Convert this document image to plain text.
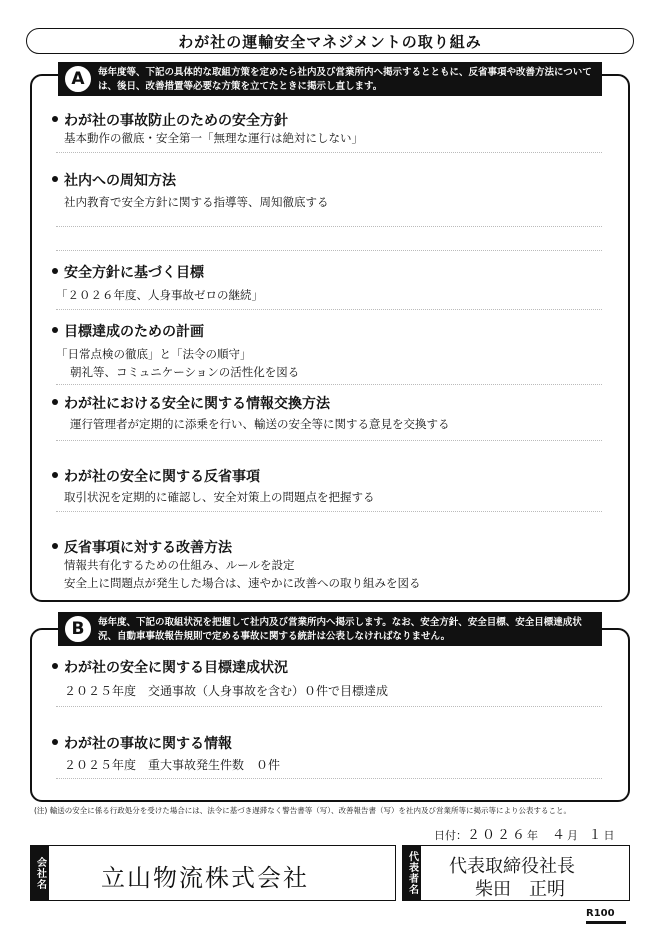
わが社の運輸安全マネジメントの取り組み
毎年度等、下記の具体的な取組方策を定めたら社内及び営業所内へ掲示するとともに、反省事項や改善方法については、後日、改善措置等必要な方策を立てたときに掲示し直します。
A
わが社の事故防止のための安全方針
基本動作の徹底・安全第一「無理な運行は絶対にしない」
社内への周知方法
社内教育で安全方針に関する指導等、周知徹底する
安全方針に基づく目標
「２０２６年度、人身事故ゼロの継続」
目標達成のための計画
「日常点検の徹底」と「法令の順守」
朝礼等、コミュニケーションの活性化を図る
わが社における安全に関する情報交換方法
運行管理者が定期的に添乗を行い、輸送の安全等に関する意見を交換する
わが社の安全に関する反省事項
取引状況を定期的に確認し、安全対策上の問題点を把握する
反省事項に対する改善方法
情報共有化するための仕組み、ルールを設定
安全上に問題点が発生した場合は、速やかに改善への取り組みを図る
毎年度、下記の取組状況を把握して社内及び営業所内へ掲示します。なお、安全方針、安全目標、安全目標達成状況、自動車事故報告規則で定める事故に関する統計は公表しなければなりません。
B
わが社の安全に関する目標達成状況
２０２５年度　交通事故（人身事故を含む）０件で目標達成
わが社の事故に関する情報
２０２５年度　重大事故発生件数　０件
(注) 輸送の安全に係る行政処分を受けた場合には、法令に基づき遅滞なく警告書等（写）、改善報告書（写）を社内及び営業所等に掲示等により公表すること。
日付：２０２６年 ４月 １日
会社名 立山物流株式会社	代表者名 代表取締役社長
柴田　正明
R100
